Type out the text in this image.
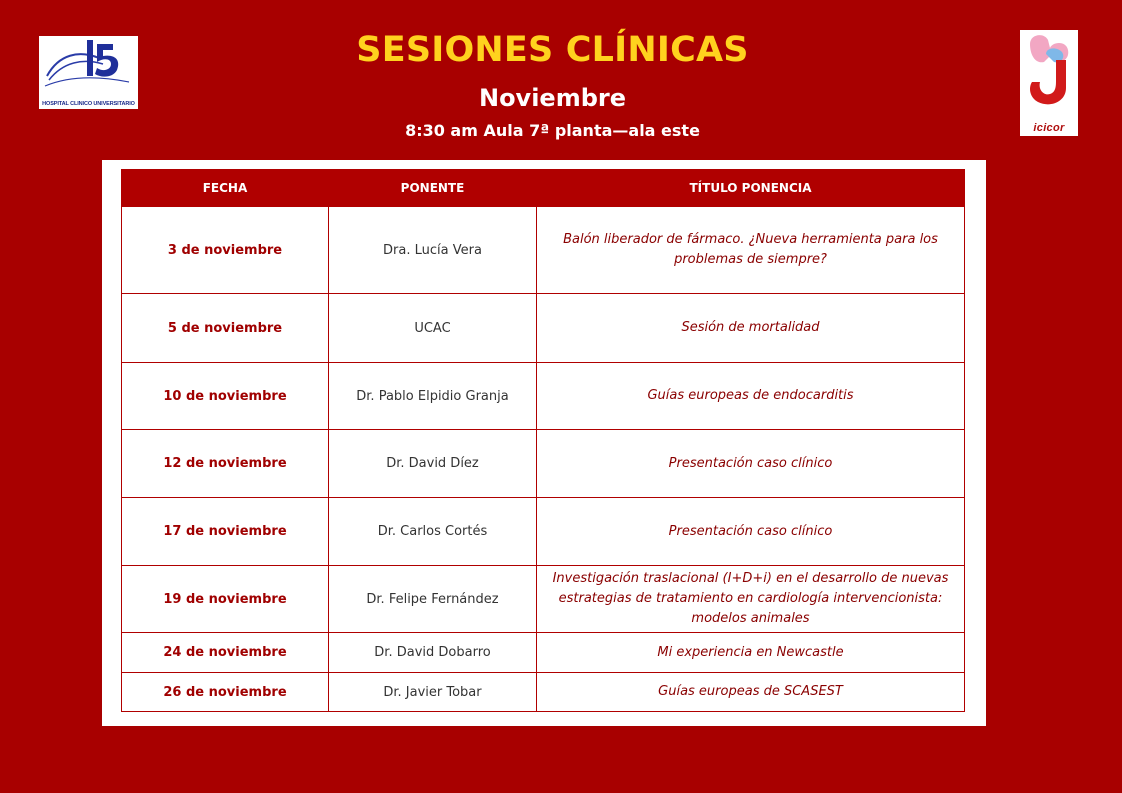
HOSPITAL CLINICO UNIVERSITARIO
icicor
SESIONES CLÍNICAS
Noviembre
8:30 am Aula 7ª planta—ala este
FECHA	PONENTE	TÍTULO PONENCIA
3 de noviembre	Dra. Lucía Vera	Balón liberador de fármaco. ¿Nueva herramienta para los problemas de siempre?
5 de noviembre	UCAC	Sesión de mortalidad
10 de noviembre	Dr. Pablo Elpidio Granja	Guías europeas de endocarditis
12 de noviembre	Dr. David Díez	Presentación caso clínico
17 de noviembre	Dr. Carlos Cortés	Presentación caso clínico
19 de noviembre	Dr. Felipe Fernández	Investigación traslacional (I+D+i) en el desarrollo de nuevas estrategias de tratamiento en cardiología intervencionista: modelos animales
24 de noviembre	Dr. David Dobarro	Mi experiencia en Newcastle
26 de noviembre	Dr. Javier Tobar	Guías europeas de SCASEST
